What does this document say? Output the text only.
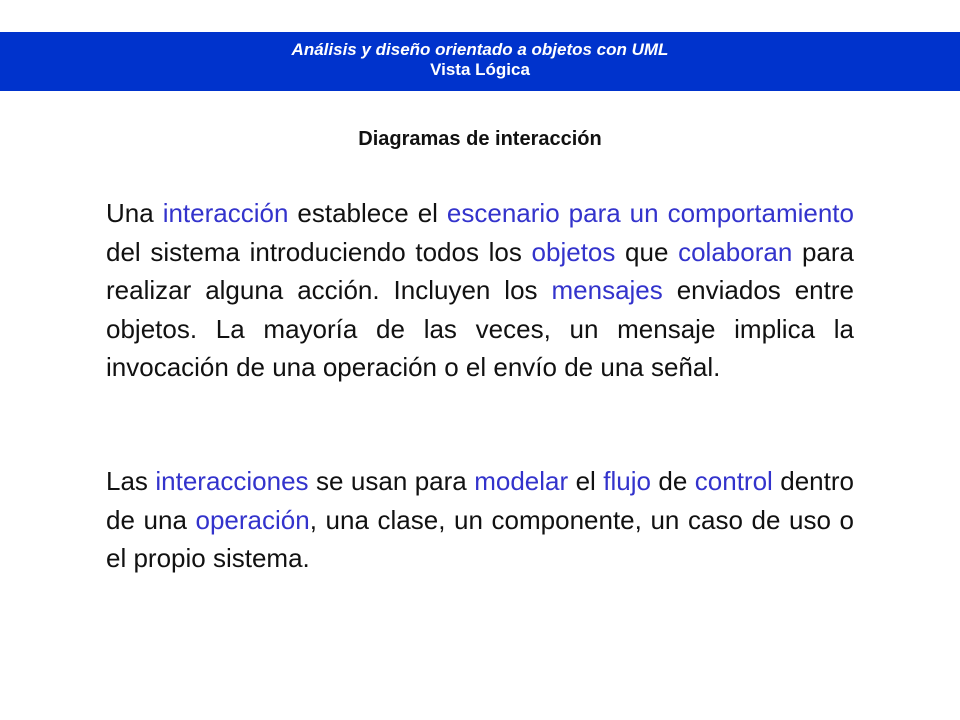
Análisis y diseño orientado a objetos con UML
Vista Lógica
Diagramas de interacción

Una interacción establece el escenario para un comportamiento del sistema introduciendo todos los objetos que colaboran para realizar alguna acción. Incluyen los mensajes enviados entre objetos. La mayoría de las veces, un mensaje implica la invocación de una operación o el envío de una señal.

Las interacciones se usan para modelar el flujo de control dentro de una operación, una clase, un componente, un caso de uso o el propio sistema.
